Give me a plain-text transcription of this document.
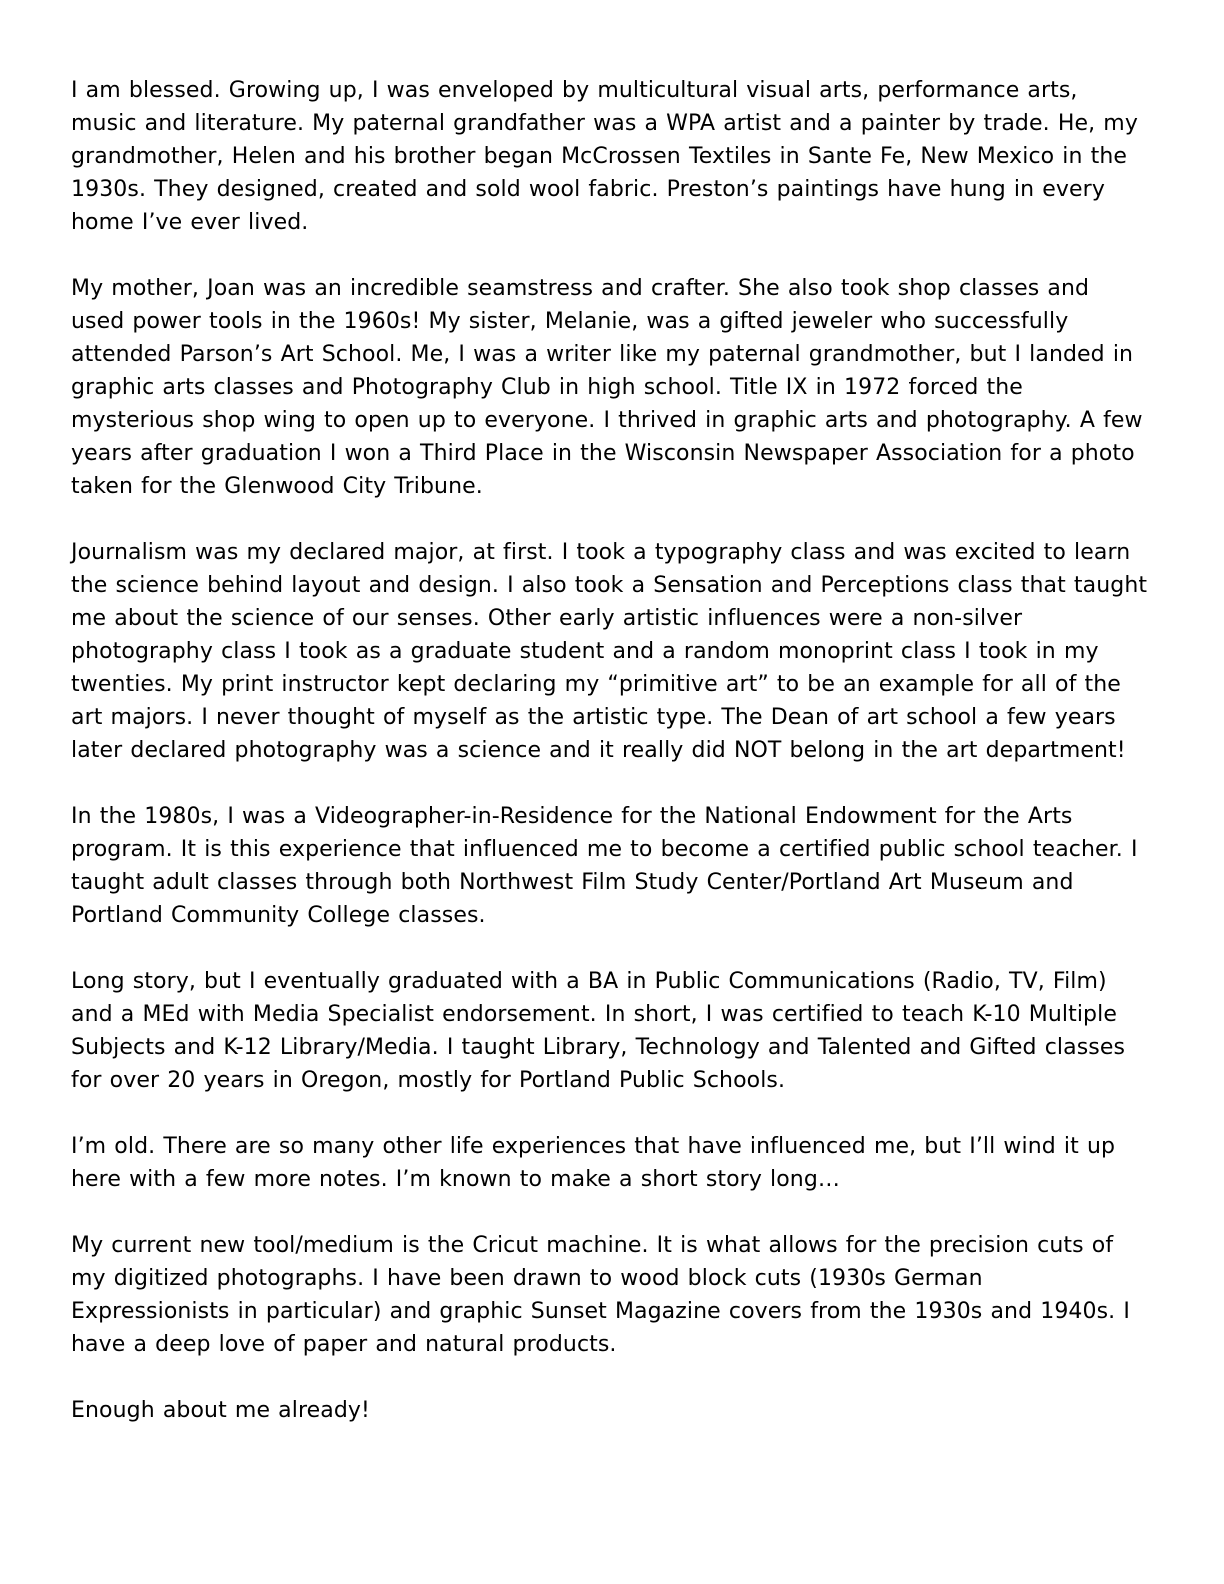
I am blessed. Growing up, I was enveloped by multicultural visual arts, performance arts, music and literature. My paternal grandfather was a WPA artist and a painter by trade. He, my grandmother, Helen and his brother began McCrossen Textiles in Sante Fe, New Mexico in the 1930s. They designed, created and sold wool fabric. Preston’s paintings have hung in every home I’ve ever lived.

My mother, Joan was an incredible seamstress and crafter. She also took shop classes and used power tools in the 1960s! My sister, Melanie, was a gifted jeweler who successfully attended Parson’s Art School. Me, I was a writer like my paternal grandmother, but I landed in graphic arts classes and Photography Club in high school. Title IX in 1972 forced the mysterious shop wing to open up to everyone. I thrived in graphic arts and photography. A few years after graduation I won a Third Place in the Wisconsin Newspaper Association for a photo taken for the Glenwood City Tribune.

Journalism was my declared major, at first. I took a typography class and was excited to learn the science behind layout and design. I also took a Sensation and Perceptions class that taught me about the science of our senses. Other early artistic influences were a non-silver photography class I took as a graduate student and a random monoprint class I took in my twenties. My print instructor kept declaring my “primitive art” to be an example for all of the art majors. I never thought of myself as the artistic type. The Dean of art school a few years later declared photography was a science and it really did NOT belong in the art department!

In the 1980s, I was a Videographer-in-Residence for the National Endowment for the Arts program. It is this experience that influenced me to become a certified public school teacher. I taught adult classes through both Northwest Film Study Center/Portland Art Museum and Portland Community College classes.

Long story, but I eventually graduated with a BA in Public Communications (Radio, TV, Film) and a MEd with Media Specialist endorsement. In short, I was certified to teach K-10 Multiple Subjects and K-12 Library/Media. I taught Library, Technology and Talented and Gifted classes for over 20 years in Oregon, mostly for Portland Public Schools.

I’m old. There are so many other life experiences that have influenced me, but I’ll wind it up here with a few more notes. I’m known to make a short story long…

My current new tool/medium is the Cricut machine. It is what allows for the precision cuts of my digitized photographs. I have been drawn to wood block cuts (1930s German Expressionists in particular) and graphic Sunset Magazine covers from the 1930s and 1940s. I have a deep love of paper and natural products.

Enough about me already!
